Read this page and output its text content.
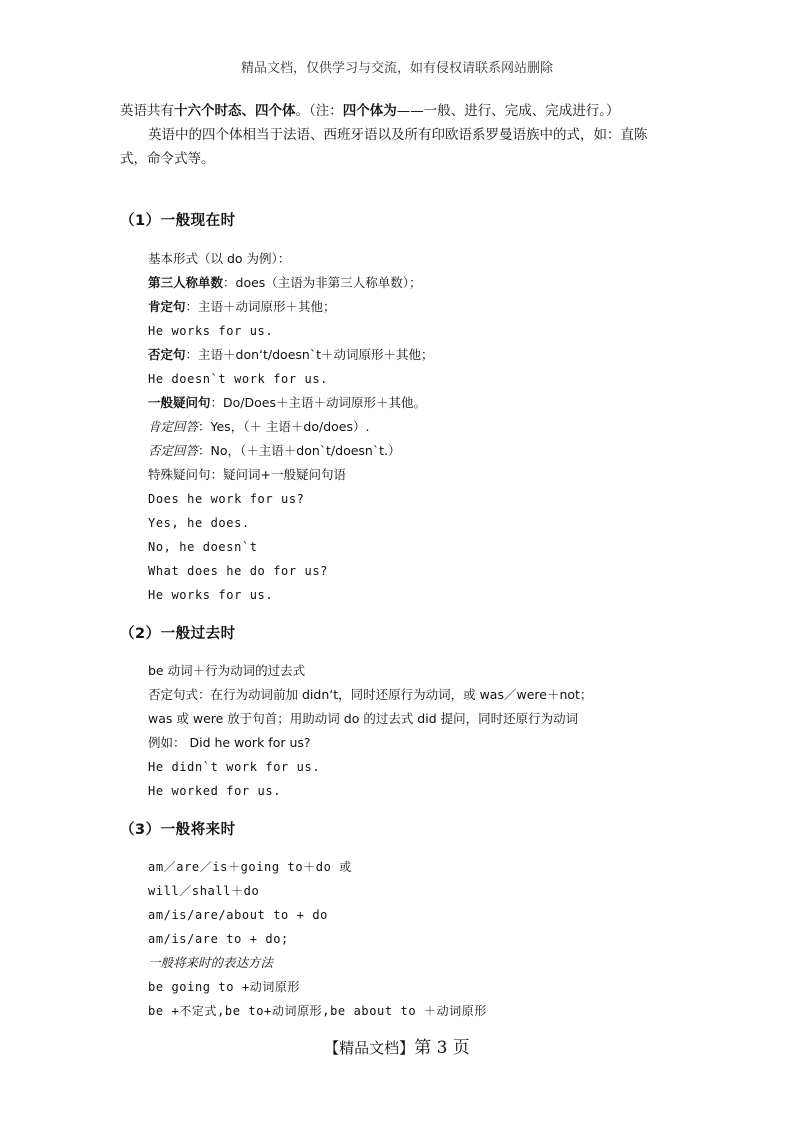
精品文档，仅供学习与交流，如有侵权请联系网站删除

英语共有十六个时态、四个体。（注：四个体为——一般、进行、完成、完成进行。）

英语中的四个体相当于法语、西班牙语以及所有印欧语系罗曼语族中的式，如：直陈式，命令式等。

（1）一般现在时
基本形式（以 do 为例）：
第三人称单数：does（主语为非第三人称单数）；
肯定句：主语＋动词原形＋其他；
He works for us.
否定句：主语＋don‘t/doesn`t＋动词原形＋其他；
He doesn`t work for us.
一般疑问句：Do/Does＋主语＋动词原形＋其他。
肯定回答：Yes，（＋ 主语＋do/does）.
否定回答：No，（＋主语＋don`t/doesn`t.）
特殊疑问句：疑问词+一般疑问句语
Does he work for us?
Yes, he does.
No, he doesn`t
What does he do for us?
He works for us.
（2）一般过去时
be 动词＋行为动词的过去式
否定句式：在行为动词前加 didn‘t，同时还原行为动词，或 was／were＋not；
was 或 were 放于句首；用助动词 do 的过去式 did 提问，同时还原行为动词
例如： Did he work for us?
He didn`t work for us.
He worked for us.
（3）一般将来时
am／are／is＋going to＋do 或
will／shall＋do
am/is/are/about to + do
am/is/are to + do;
一般将来时的表达方法
be going to +动词原形
be +不定式,be to+动词原形,be about to ＋动词原形
【精品文档】第 3 页
